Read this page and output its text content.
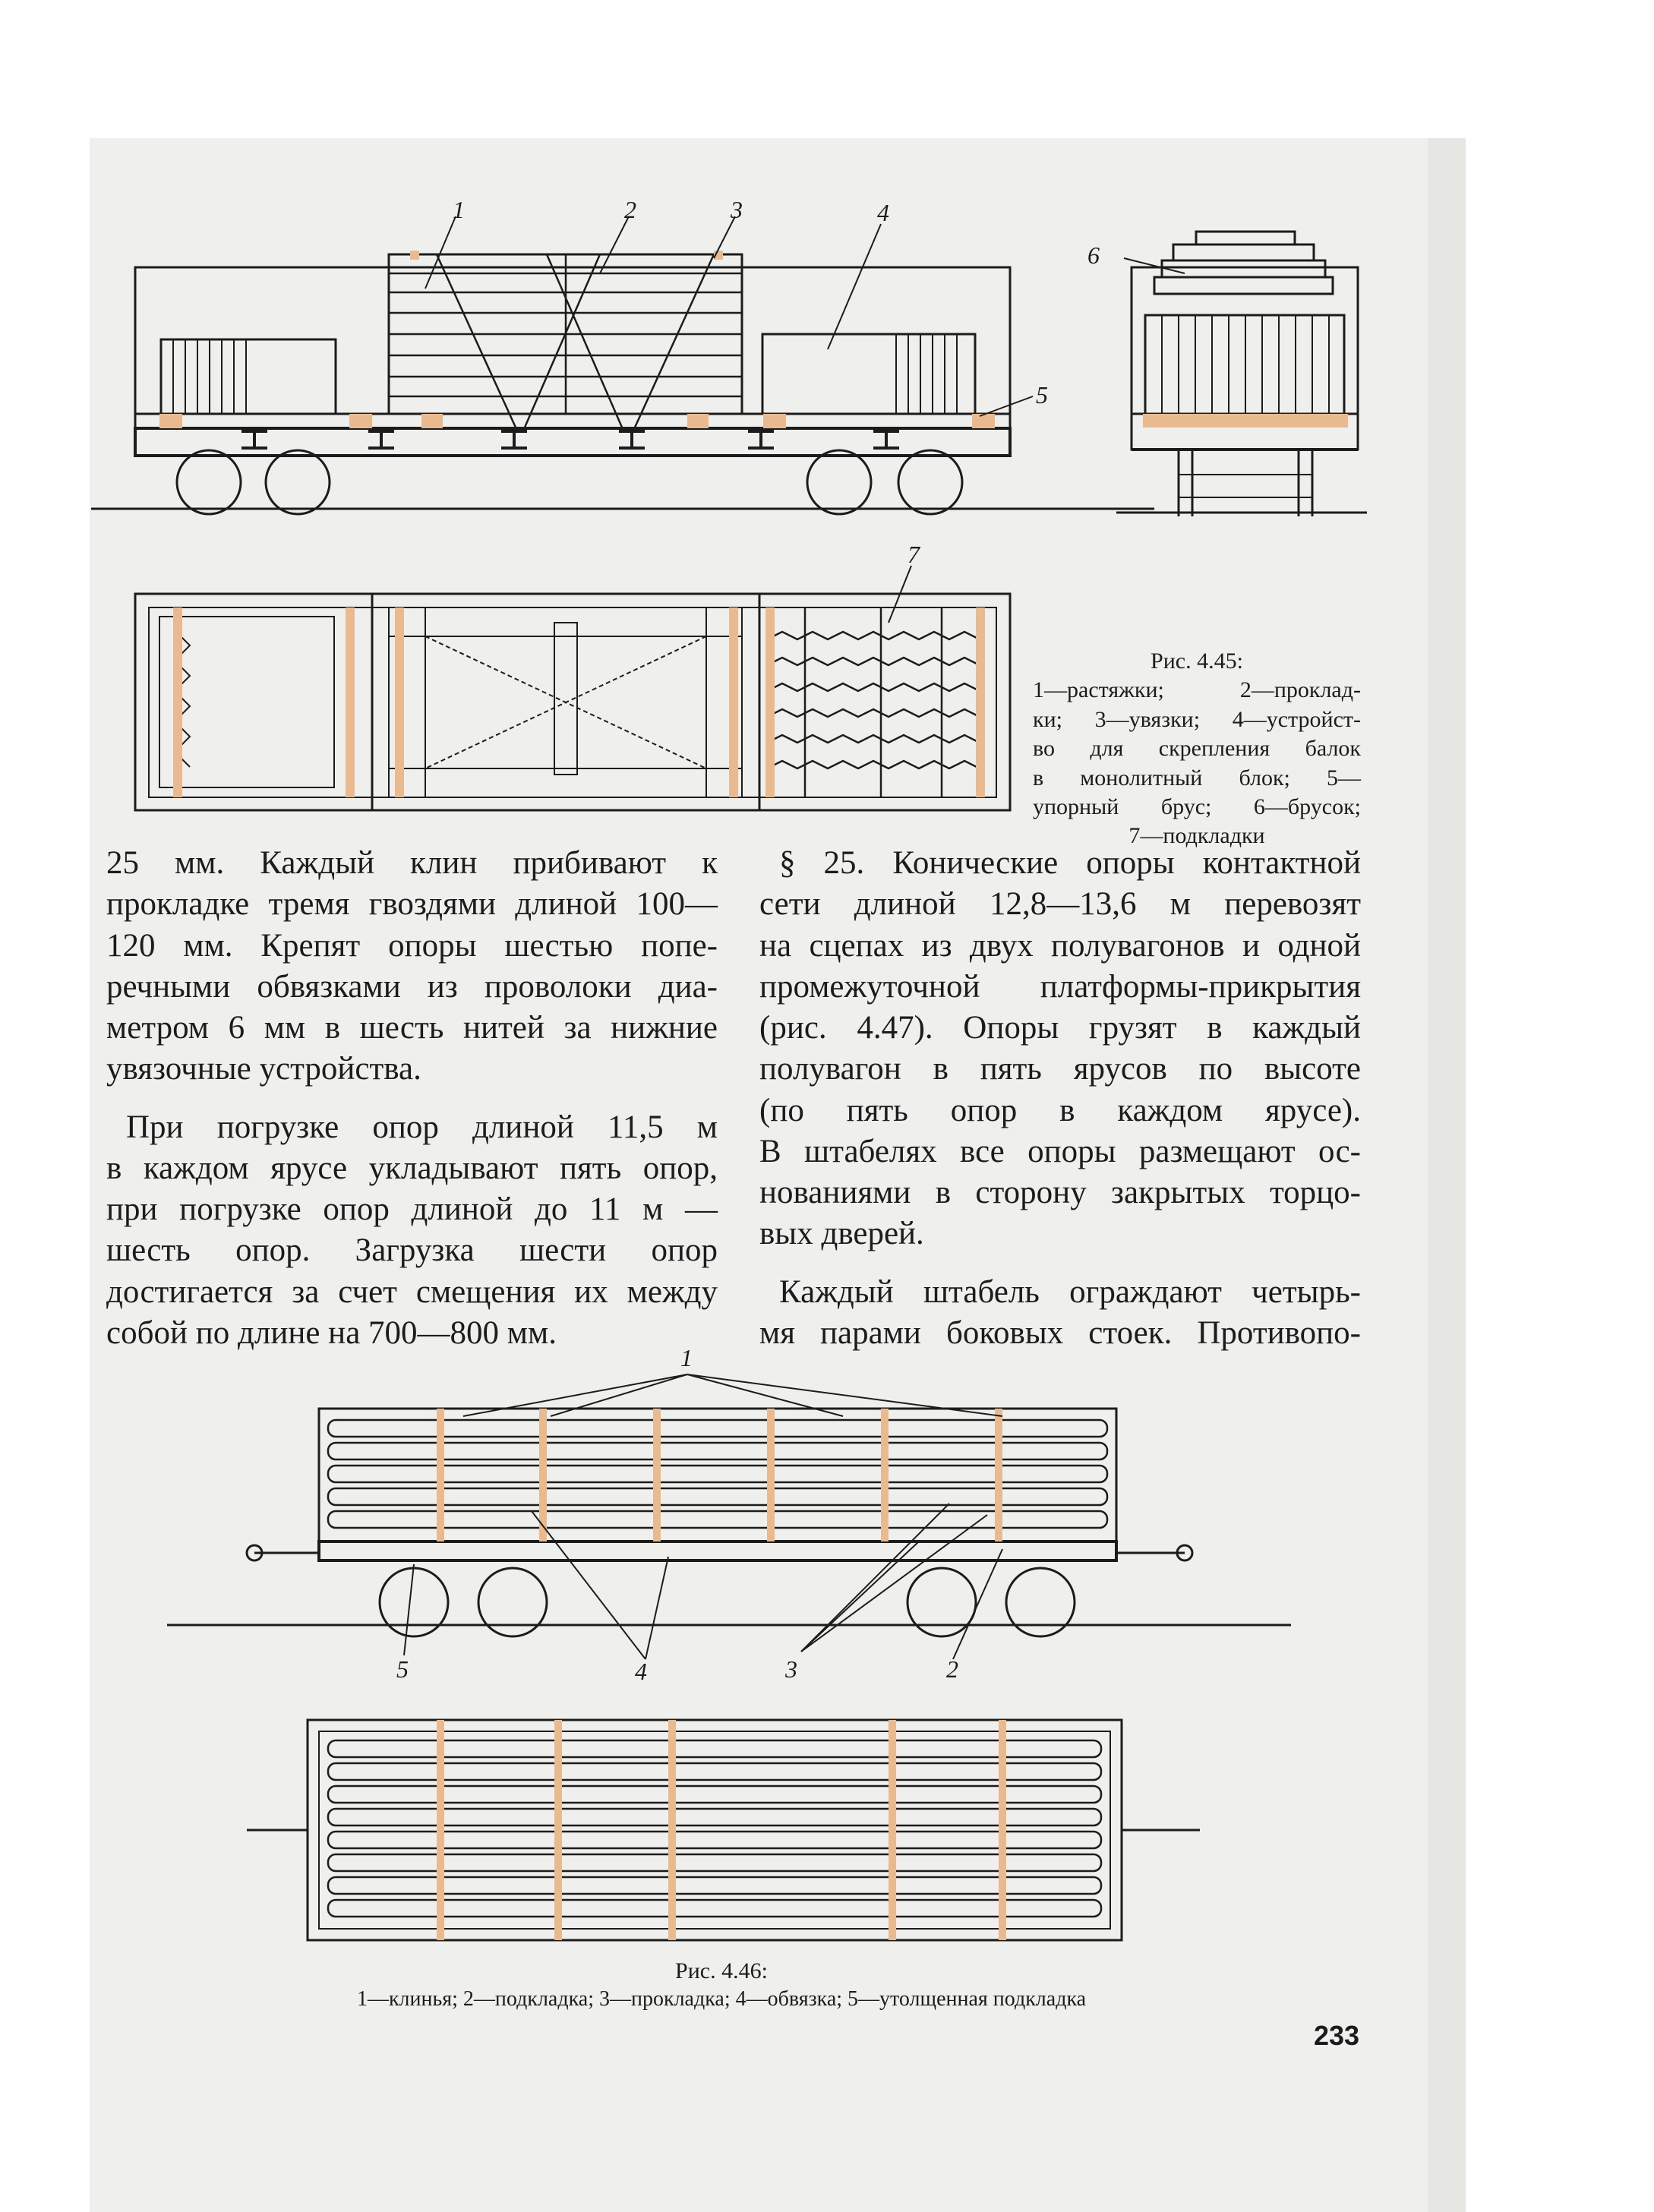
1	2	3	4
5
6
7
Рис. 4.45:
1—растяжки; 2—проклад-
ки; 3—увязки; 4—устройст-
во для скрепления балок
в монолитный блок; 5—
упорный брус; 6—брусок;
7—подкладки

25 мм. Каждый клин прибивают к

прокладке тремя гвоздями длиной 100—

120 мм. Крепят опоры шестью попе-

речными обвязками из проволоки диа-

метром 6 мм в шесть нитей за нижние

увязочные устройства.

При погрузке опор длиной 11,5 м

в каждом ярусе укладывают пять опор,

при погрузке опор длиной до 11 м —

шесть опор. Загрузка шести опор

достигается за счет смещения их между

собой по длине на 700—800 мм.

§ 25. Конические опоры контактной

сети длиной 12,8—13,6 м перевозят

на сцепах из двух полувагонов и одной

промежуточной платформы-прикрытия

(рис. 4.47). Опоры грузят в каждый

полувагон в пять ярусов по высоте

(по пять опор в каждом ярусе).

В штабелях все опоры размещают ос-

нованиями в сторону закрытых торцо-

вых дверей.

Каждый штабель ограждают четырь-

мя парами боковых стоек. Противопо-

1
2
3
4
5
Рис. 4.46:
1—клинья; 2—подкладка; 3—прокладка; 4—обвязка; 5—утолщенная подкладка
233
